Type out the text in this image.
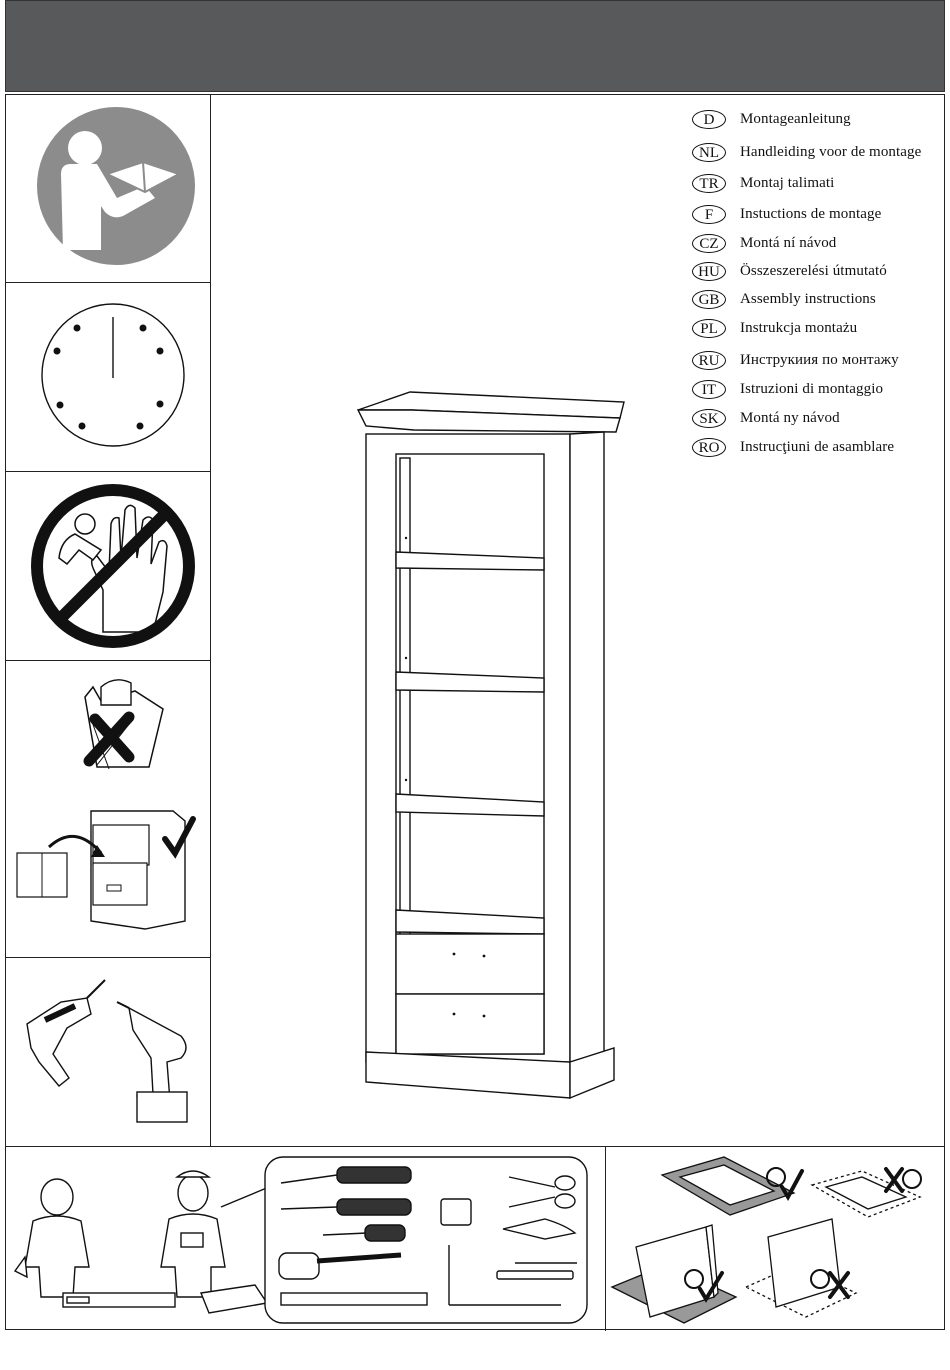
D	Montageanleitung
NL	Handleiding voor de montage
TR	Montaj talimati
F	Instuctions de montage
CZ	Montá ní návod
HU	Összeszerelési útmutató
GB	Assembly instructions
PL	Instrukcja montażu
RU	Инструкиия по монтажу
IT	Istruzioni di montaggio
SK	Montá ny návod
RO	Instrucţiuni de asamblare
